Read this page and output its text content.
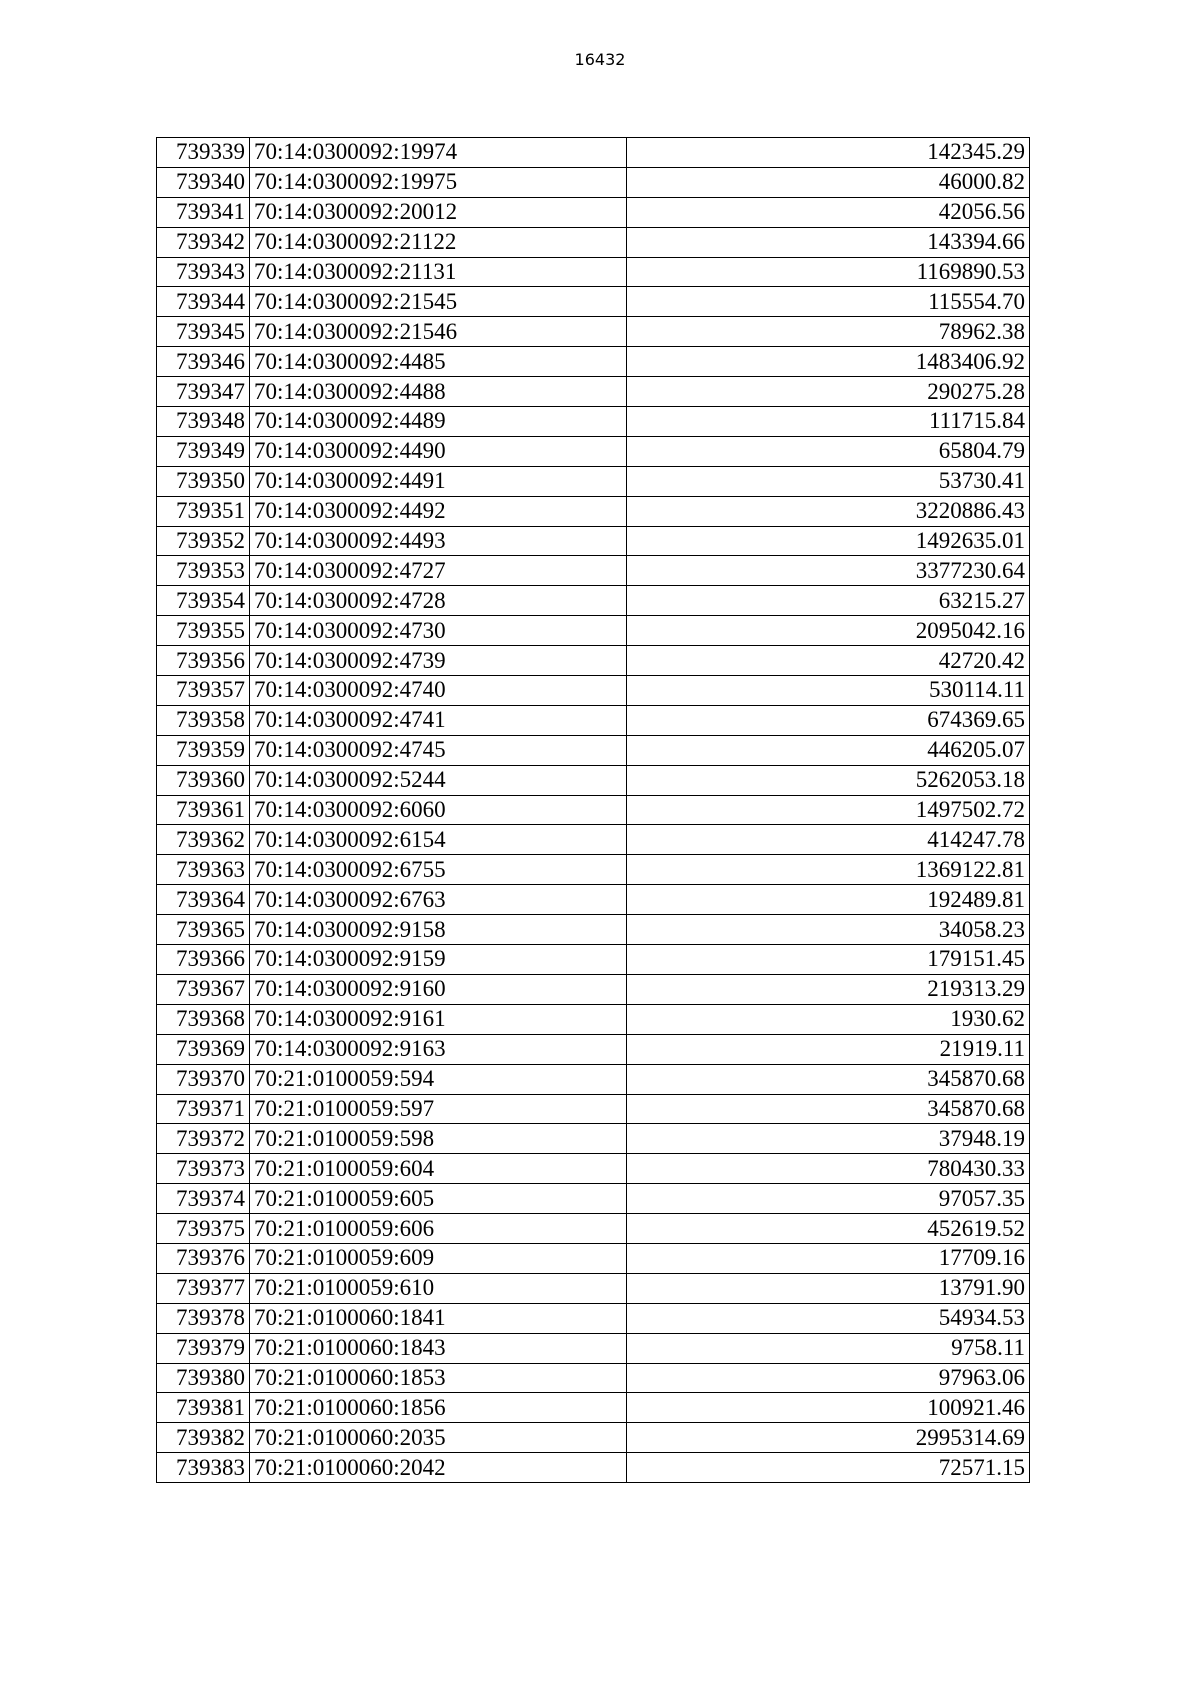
16432
739339	70:14:0300092:19974	142345.29
739340	70:14:0300092:19975	46000.82
739341	70:14:0300092:20012	42056.56
739342	70:14:0300092:21122	143394.66
739343	70:14:0300092:21131	1169890.53
739344	70:14:0300092:21545	115554.70
739345	70:14:0300092:21546	78962.38
739346	70:14:0300092:4485	1483406.92
739347	70:14:0300092:4488	290275.28
739348	70:14:0300092:4489	111715.84
739349	70:14:0300092:4490	65804.79
739350	70:14:0300092:4491	53730.41
739351	70:14:0300092:4492	3220886.43
739352	70:14:0300092:4493	1492635.01
739353	70:14:0300092:4727	3377230.64
739354	70:14:0300092:4728	63215.27
739355	70:14:0300092:4730	2095042.16
739356	70:14:0300092:4739	42720.42
739357	70:14:0300092:4740	530114.11
739358	70:14:0300092:4741	674369.65
739359	70:14:0300092:4745	446205.07
739360	70:14:0300092:5244	5262053.18
739361	70:14:0300092:6060	1497502.72
739362	70:14:0300092:6154	414247.78
739363	70:14:0300092:6755	1369122.81
739364	70:14:0300092:6763	192489.81
739365	70:14:0300092:9158	34058.23
739366	70:14:0300092:9159	179151.45
739367	70:14:0300092:9160	219313.29
739368	70:14:0300092:9161	1930.62
739369	70:14:0300092:9163	21919.11
739370	70:21:0100059:594	345870.68
739371	70:21:0100059:597	345870.68
739372	70:21:0100059:598	37948.19
739373	70:21:0100059:604	780430.33
739374	70:21:0100059:605	97057.35
739375	70:21:0100059:606	452619.52
739376	70:21:0100059:609	17709.16
739377	70:21:0100059:610	13791.90
739378	70:21:0100060:1841	54934.53
739379	70:21:0100060:1843	9758.11
739380	70:21:0100060:1853	97963.06
739381	70:21:0100060:1856	100921.46
739382	70:21:0100060:2035	2995314.69
739383	70:21:0100060:2042	72571.15
